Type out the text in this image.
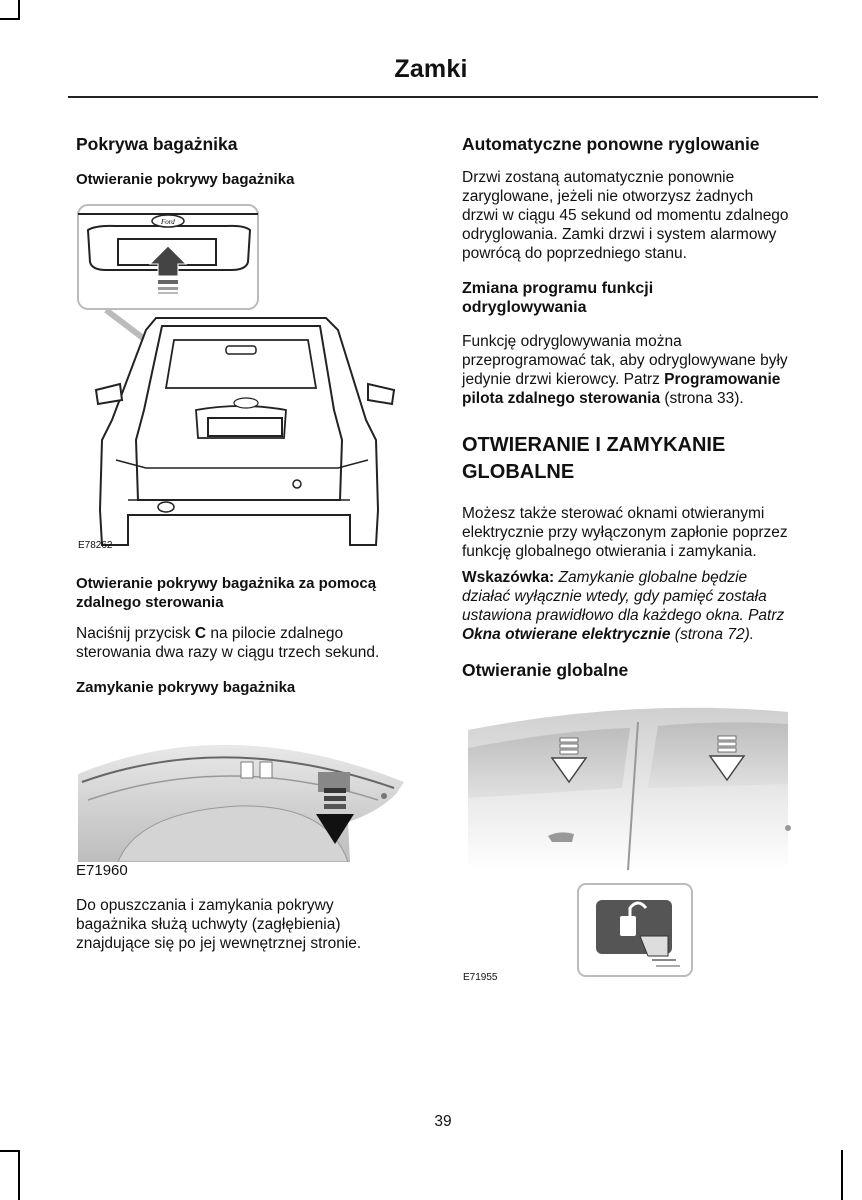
Zamki
Pokrywa bagażnika
Otwieranie pokrywy bagażnika
Ford
E78262
Otwieranie pokrywy bagażnika za pomocą
zdalnego sterowania
Naciśnij przycisk C na pilocie zdalnego
sterowania dwa razy w ciągu trzech sekund.
Zamykanie pokrywy bagażnika
E71960
Do opuszczania i zamykania pokrywy
bagażnika służą uchwyty (zagłębienia)
znajdujące się po jej wewnętrznej stronie.
Automatyczne ponowne ryglowanie
Drzwi zostaną automatycznie ponownie
zaryglowane, jeżeli nie otworzysz żadnych
drzwi w ciągu 45 sekund od momentu zdalnego
odryglowania. Zamki drzwi i system alarmowy
powrócą do poprzedniego stanu.
Zmiana programu funkcji
odryglowywania
Funkcję odryglowywania można
przeprogramować tak, aby odryglowywane były
jedynie drzwi kierowcy. Patrz Programowanie
pilota zdalnego sterowania (strona 33).
OTWIERANIE I ZAMYKANIE
GLOBALNE
Możesz także sterować oknami otwieranymi
elektrycznie przy wyłączonym zapłonie poprzez
funkcję globalnego otwierania i zamykania.
Wskazówka: Zamykanie globalne będzie
działać wyłącznie wtedy, gdy pamięć została
ustawiona prawidłowo dla każdego okna. Patrz
Okna otwierane elektrycznie (strona 72).
Otwieranie globalne
E71955
39
